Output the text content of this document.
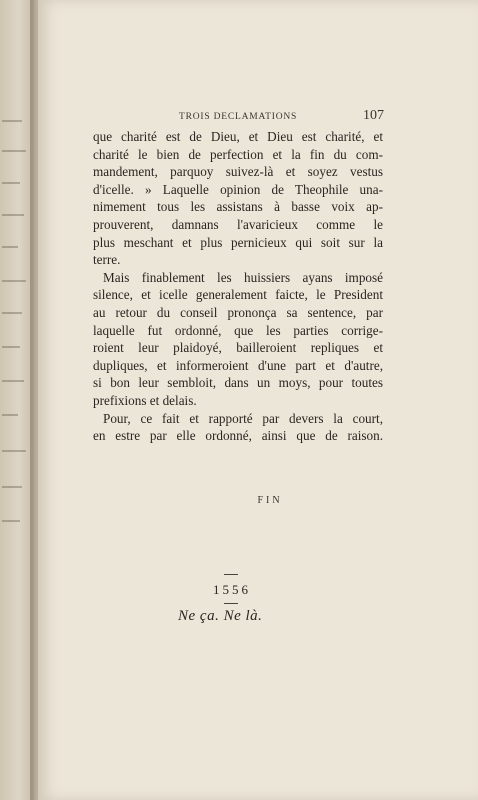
TROIS DECLAMATIONS	107
que charité est de Dieu, et Dieu est charité, et
charité le bien de perfection et la fin du com-
mandement, parquoy suivez-là et soyez vestus
d'icelle. » Laquelle opinion de Theophile una-
nimement tous les assistans à basse voix ap-
prouverent, damnans l'avaricieux comme le
plus meschant et plus pernicieux qui soit sur la
terre.
Mais finablement les huissiers ayans imposé
silence, et icelle generalement faicte, le President
au retour du conseil prononça sa sentence, par
laquelle fut ordonné, que les parties corrige-
roient leur plaidoyé, bailleroient repliques et
dupliques, et informeroient d'une part et d'autre,
si bon leur sembloit, dans un moys, pour toutes
prefixions et delais.
Pour, ce fait et rapporté par devers la court,
en estre par elle ordonné, ainsi que de raison.
FIN
1556
Ne ça. Ne là.
